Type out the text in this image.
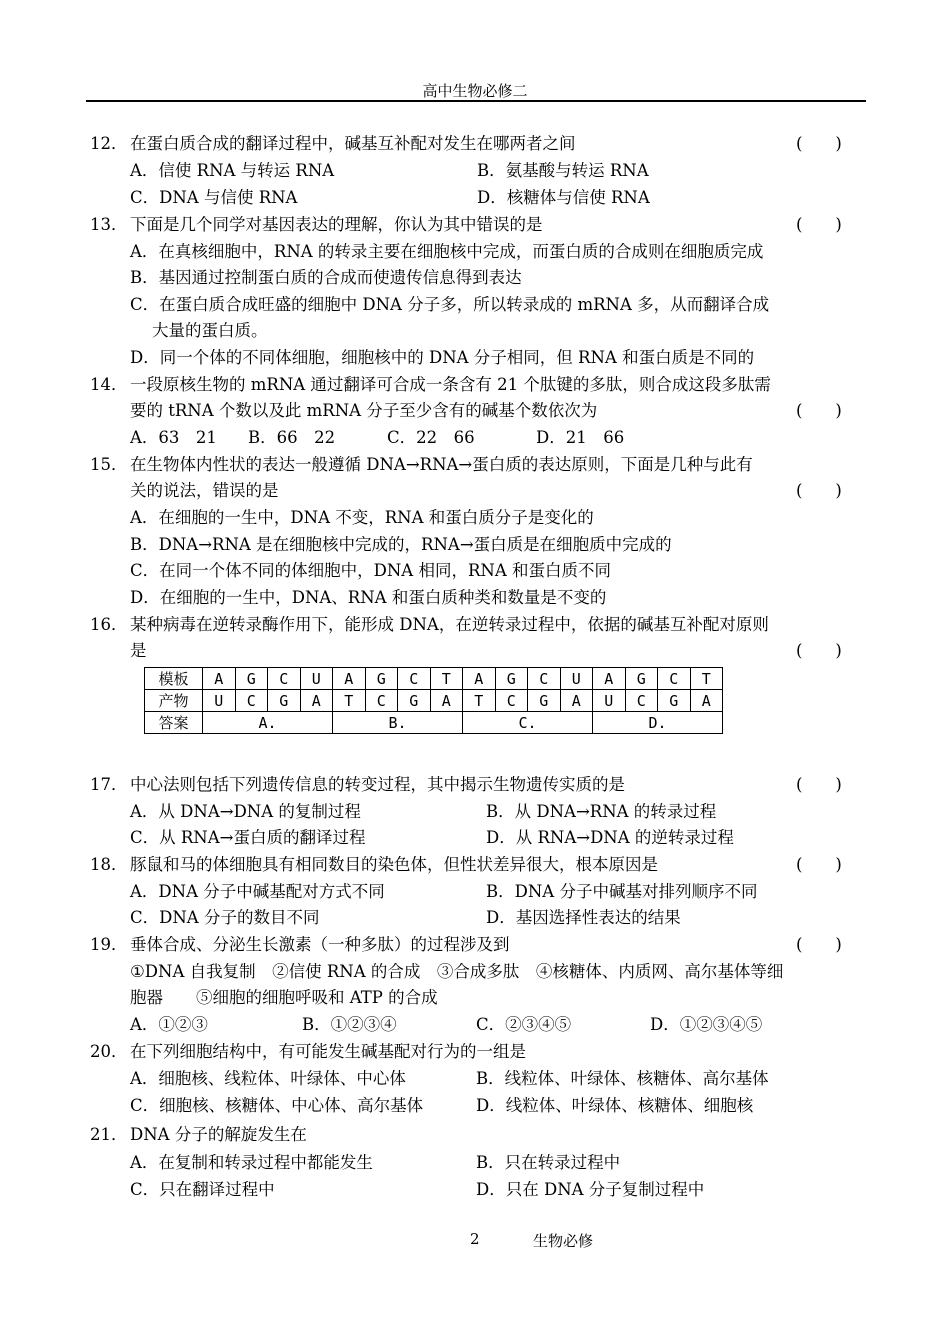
高中生物必修二
12． 在蛋白质合成的翻译过程中，碱基互补配对发生在哪两者之间	(　　)
A．信使 RNA 与转运 RNA	B．氨基酸与转运 RNA
C．DNA 与信使 RNA	D．核糖体与信使 RNA
13． 下面是几个同学对基因表达的理解，你认为其中错误的是	(　　)
A．在真核细胞中，RNA 的转录主要在细胞核中完成，而蛋白质的合成则在细胞质完成
B．基因通过控制蛋白质的合成而使遗传信息得到表达
C．在蛋白质合成旺盛的细胞中 DNA 分子多，所以转录成的 mRNA 多，从而翻译合成
大量的蛋白质。
D．同一个体的不同体细胞，细胞核中的 DNA 分子相同，但 RNA 和蛋白质是不同的
14． 一段原核生物的 mRNA 通过翻译可合成一条含有 21 个肽键的多肽，则合成这段多肽需
要的 tRNA 个数以及此 mRNA 分子至少含有的碱基个数依次为	(　　)
A．63　21 B．66　22	C．22　66	D．21　66
15． 在生物体内性状的表达一般遵循 DNA→RNA→蛋白质的表达原则，下面是几种与此有
关的说法，错误的是	(　　)
A．在细胞的一生中，DNA 不变，RNA 和蛋白质分子是变化的
B．DNA→RNA 是在细胞核中完成的，RNA→蛋白质是在细胞质中完成的
C．在同一个体不同的体细胞中，DNA 相同，RNA 和蛋白质不同
D．在细胞的一生中，DNA、RNA 和蛋白质种类和数量是不变的
16． 某种病毒在逆转录酶作用下，能形成 DNA，在逆转录过程中，依据的碱基互补配对原则
是	(　　)
模板	A	G	C	U	A	G	C	T	A	G	C	U	A	G	C	T
产物	U	C	G	A	T	C	G	A	T	C	G	A	U	C	G	A
答案	A.				B.				C.				D.			
17． 中心法则包括下列遗传信息的转变过程，其中揭示生物遗传实质的是	(　　)
A．从 DNA→DNA 的复制过程	B．从 DNA→RNA 的转录过程
C．从 RNA→蛋白质的翻译过程	D．从 RNA→DNA 的逆转录过程
18． 豚鼠和马的体细胞具有相同数目的染色体，但性状差异很大，根本原因是	(　　)
A．DNA 分子中碱基配对方式不同	B．DNA 分子中碱基对排列顺序不同
C．DNA 分子的数目不同	D．基因选择性表达的结果
19． 垂体合成、分泌生长激素（一种多肽）的过程涉及到	(　　)
①DNA 自我复制　②信使 RNA 的合成　③合成多肽　④核糖体、内质网、高尔基体等细
胞器　　⑤细胞的细胞呼吸和 ATP 的合成
A．①②③	B．①②③④	C．②③④⑤	D．①②③④⑤
20． 在下列细胞结构中，有可能发生碱基配对行为的一组是
A．细胞核、线粒体、叶绿体、中心体	B．线粒体、叶绿体、核糖体、高尔基体
C．细胞核、核糖体、中心体、高尔基体	D．线粒体、叶绿体、核糖体、细胞核
21． DNA 分子的解旋发生在
A．在复制和转录过程中都能发生	B．只在转录过程中
C．只在翻译过程中	D．只在 DNA 分子复制过程中
2	生物必修
